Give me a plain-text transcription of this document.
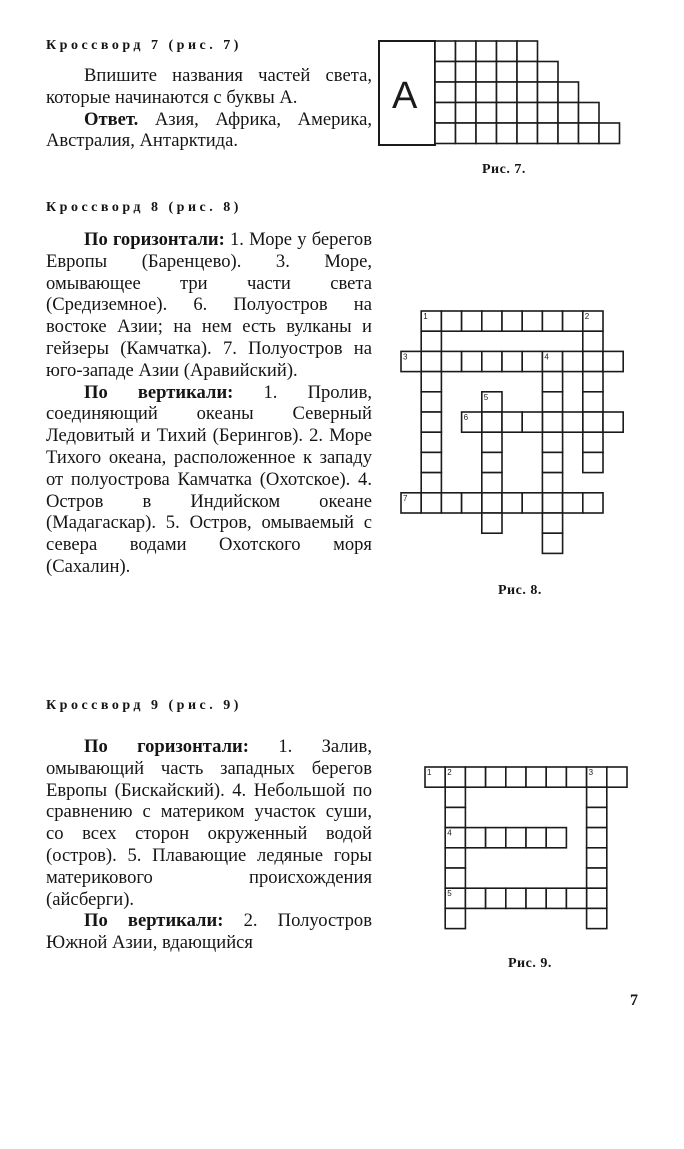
Кроссворд 7 (рис. 7)

Впишите названия частей света, которые начинаются с буквы А.

Ответ. Азия, Африка, Америка, Австралия, Антарктида.

Кроссворд 8 (рис. 8)

По горизонтали: 1. Море у берегов Европы (Баренцево). 3. Море, омывающее три части света (Средиземное). 6. Полуостров на востоке Азии; на нем есть вулканы и гейзеры (Камчатка). 7. Полуостров на юго-западе Азии (Аравийский).

По вертикали: 1. Пролив, соединяющий океаны Северный Ледовитый и Тихий (Берингов). 2. Море Тихого океана, расположенное к западу от полуострова Камчатка (Охотское). 4. Остров в Индийском океане (Мадагаскар). 5. Остров, омываемый с севера водами Охотского моря (Сахалин).

Кроссворд 9 (рис. 9)

По горизонтали: 1. Залив, омывающий часть западных берегов Европы (Бискайский). 4. Небольшой по сравнению с материком участок суши, со всех сторон окруженный водой (остров). 5. Плавающие ледяные горы материкового происхождения (айсберги).

По вертикали: 2. Полуостров Южной Азии, вдающийся

А
Рис. 7.
1	2
3	4
5
6
7
Рис. 8.
1 2	3
4
5
Рис. 9.
7
